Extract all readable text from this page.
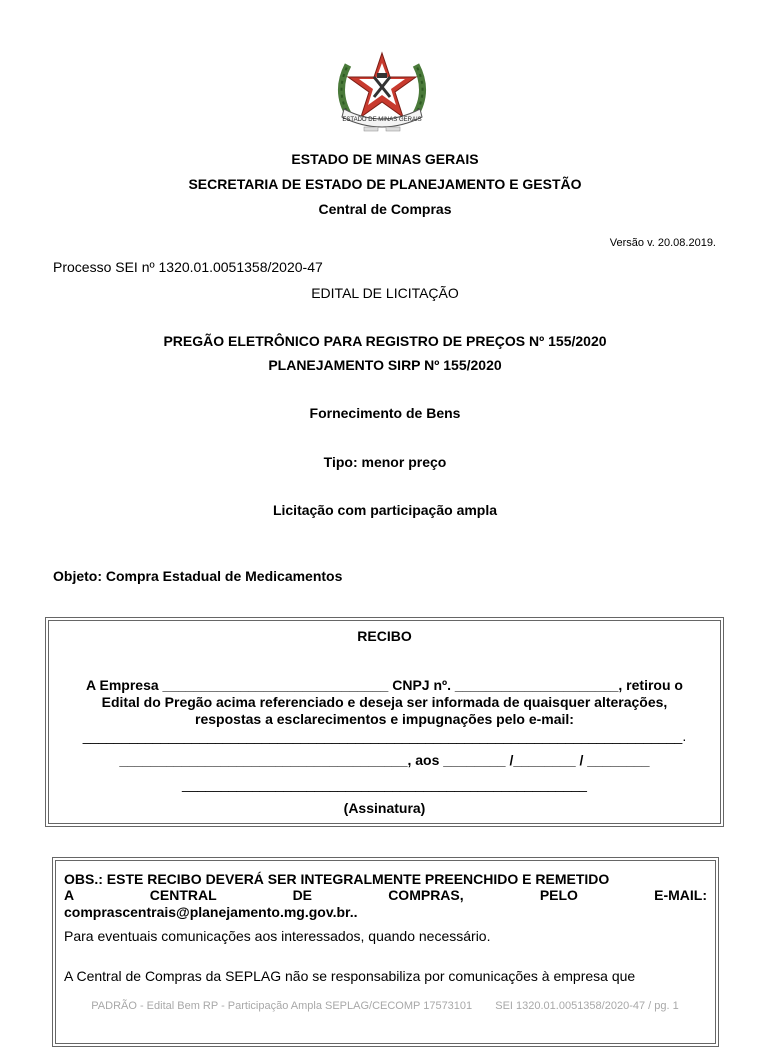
ESTADO DE MINAS GERAIS
ESTADO DE MINAS GERAIS
SECRETARIA DE ESTADO DE PLANEJAMENTO E GESTÃO
Central de Compras
Versão v. 20.08.2019.
Processo SEI nº 1320.01.0051358/2020-47
EDITAL DE LICITAÇÃO
PREGÃO ELETRÔNICO PARA REGISTRO DE PREÇOS Nº 155/2020
PLANEJAMENTO SIRP Nº 155/2020
Fornecimento de Bens
Tipo: menor preço
Licitação com participação ampla
Objeto: Compra Estadual de Medicamentos
RECIBO
A Empresa _____________________________ CNPJ nº. _____________________, retirou o
Edital do Pregão acima referenciado e deseja ser informada de quaisquer alterações,
respostas a esclarecimentos e impugnações pelo e-mail:
_____________________________________________________________________________.
_____________________________________, aos ________ /________ / ________
____________________________________________________
(Assinatura)
OBS.: ESTE RECIBO DEVERÁ SER INTEGRALMENTE PREENCHIDO E REMETIDO
A CENTRAL DE COMPRAS, PELO E-MAIL:
comprascentrais@planejamento.mg.gov.br..
Para eventuais comunicações aos interessados, quando necessário.
A Central de Compras da SEPLAG não se responsabiliza por comunicações à empresa que
PADRÃO - Edital Bem RP - Participação Ampla SEPLAG/CECOMP 17573101 SEI 1320.01.0051358/2020-47 / pg. 1
